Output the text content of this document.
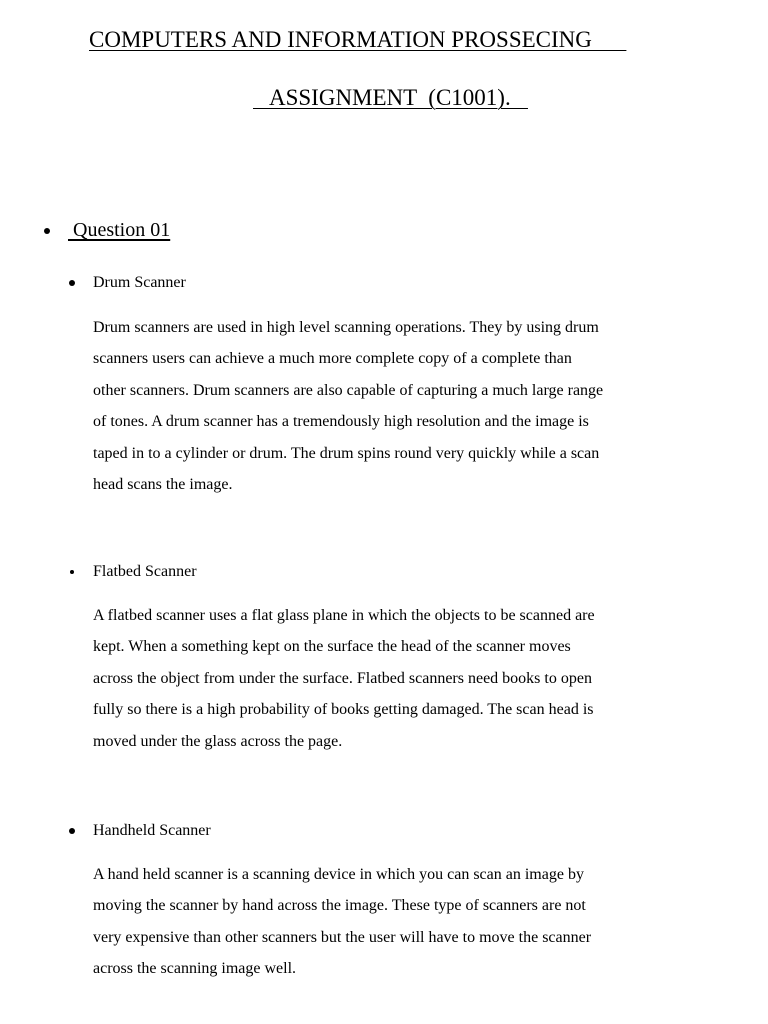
COMPUTERS AND INFORMATION PROSSECING
ASSIGNMENT  (C1001).
Question 01
Drum Scanner
Drum scanners are used in high level scanning operations. They by using drum
scanners users can achieve a much more complete copy of a complete than
other scanners. Drum scanners are also capable of capturing a much large range
of tones. A drum scanner has a tremendously high resolution and the image is
taped in to a cylinder or drum. The drum spins round very quickly while a scan
head scans the image.
Flatbed Scanner
A flatbed scanner uses a flat glass plane in which the objects to be scanned are
kept. When a something kept on the surface the head of the scanner moves
across the object from under the surface. Flatbed scanners need books to open
fully so there is a high probability of books getting damaged. The scan head is
moved under the glass across the page.
Handheld Scanner
A hand held scanner is a scanning device in which you can scan an image by
moving the scanner by hand across the image. These type of scanners are not
very expensive than other scanners but the user will have to move the scanner
across the scanning image well.
